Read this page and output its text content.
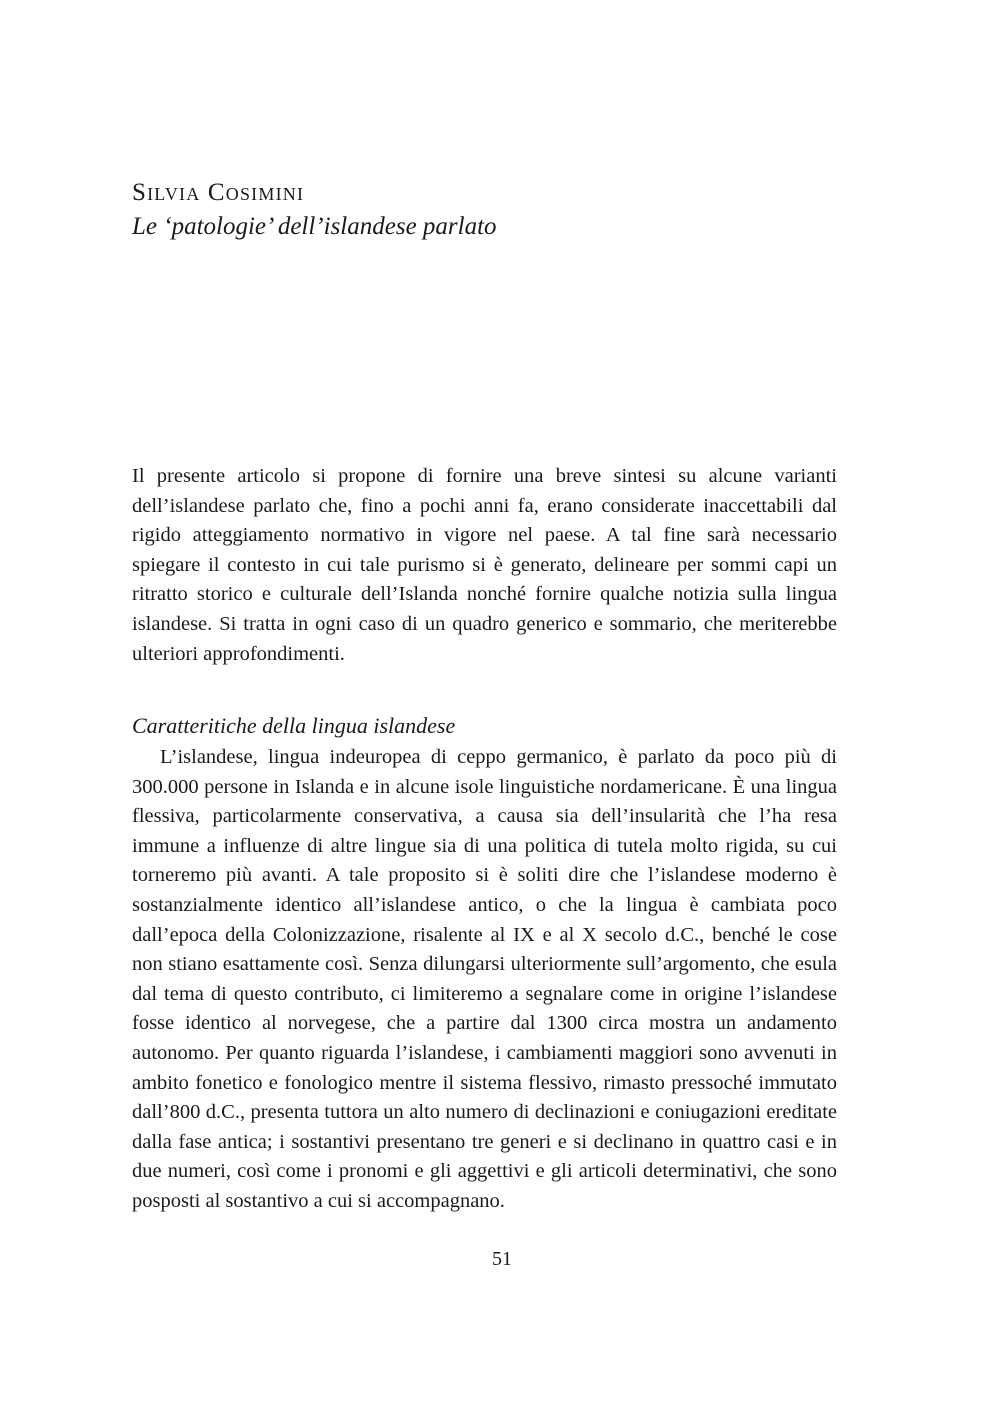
Silvia Cosimini
Le ‘patologie’ dell’islandese parlato

Il presente articolo si propone di fornire una breve sintesi su alcune varianti dell’islandese parlato che, fino a pochi anni fa, erano considerate inaccettabili dal rigido atteggiamento normativo in vigore nel paese. A tal fine sarà necessario spiegare il contesto in cui tale purismo si è generato, delineare per sommi capi un ritratto storico e culturale dell’Islanda nonché fornire qualche notizia sulla lingua islandese. Si tratta in ogni caso di un quadro generico e sommario, che meriterebbe ulteriori approfondimenti.

Caratteritiche della lingua islandese

L’islandese, lingua indeuropea di ceppo germanico, è parlato da poco più di 300.000 persone in Islanda e in alcune isole linguistiche nordamericane. È una lingua flessiva, particolarmente conservativa, a causa sia dell’insularità che l’ha resa immune a influenze di altre lingue sia di una politica di tutela molto rigida, su cui torneremo più avanti. A tale proposito si è soliti dire che l’islandese moderno è sostanzialmente identico all’islandese antico, o che la lingua è cambiata poco dall’epoca della Colonizzazione, risalente al IX e al X secolo d.C., benché le cose non stiano esattamente così. Senza dilungarsi ulteriormente sull’argomento, che esula dal tema di questo contributo, ci limiteremo a segnalare come in origine l’islandese fosse identico al norvegese, che a partire dal 1300 circa mostra un andamento autonomo. Per quanto riguarda l’islandese, i cambiamenti maggiori sono avvenuti in ambito fonetico e fonologico mentre il sistema flessivo, rimasto pressoché immutato dall’800 d.C., presenta tuttora un alto numero di declinazioni e coniugazioni ereditate dalla fase antica; i sostantivi presentano tre generi e si declinano in quattro casi e in due numeri, così come i pronomi e gli aggettivi e gli articoli determinativi, che sono posposti al sostantivo a cui si accompagnano.

51
